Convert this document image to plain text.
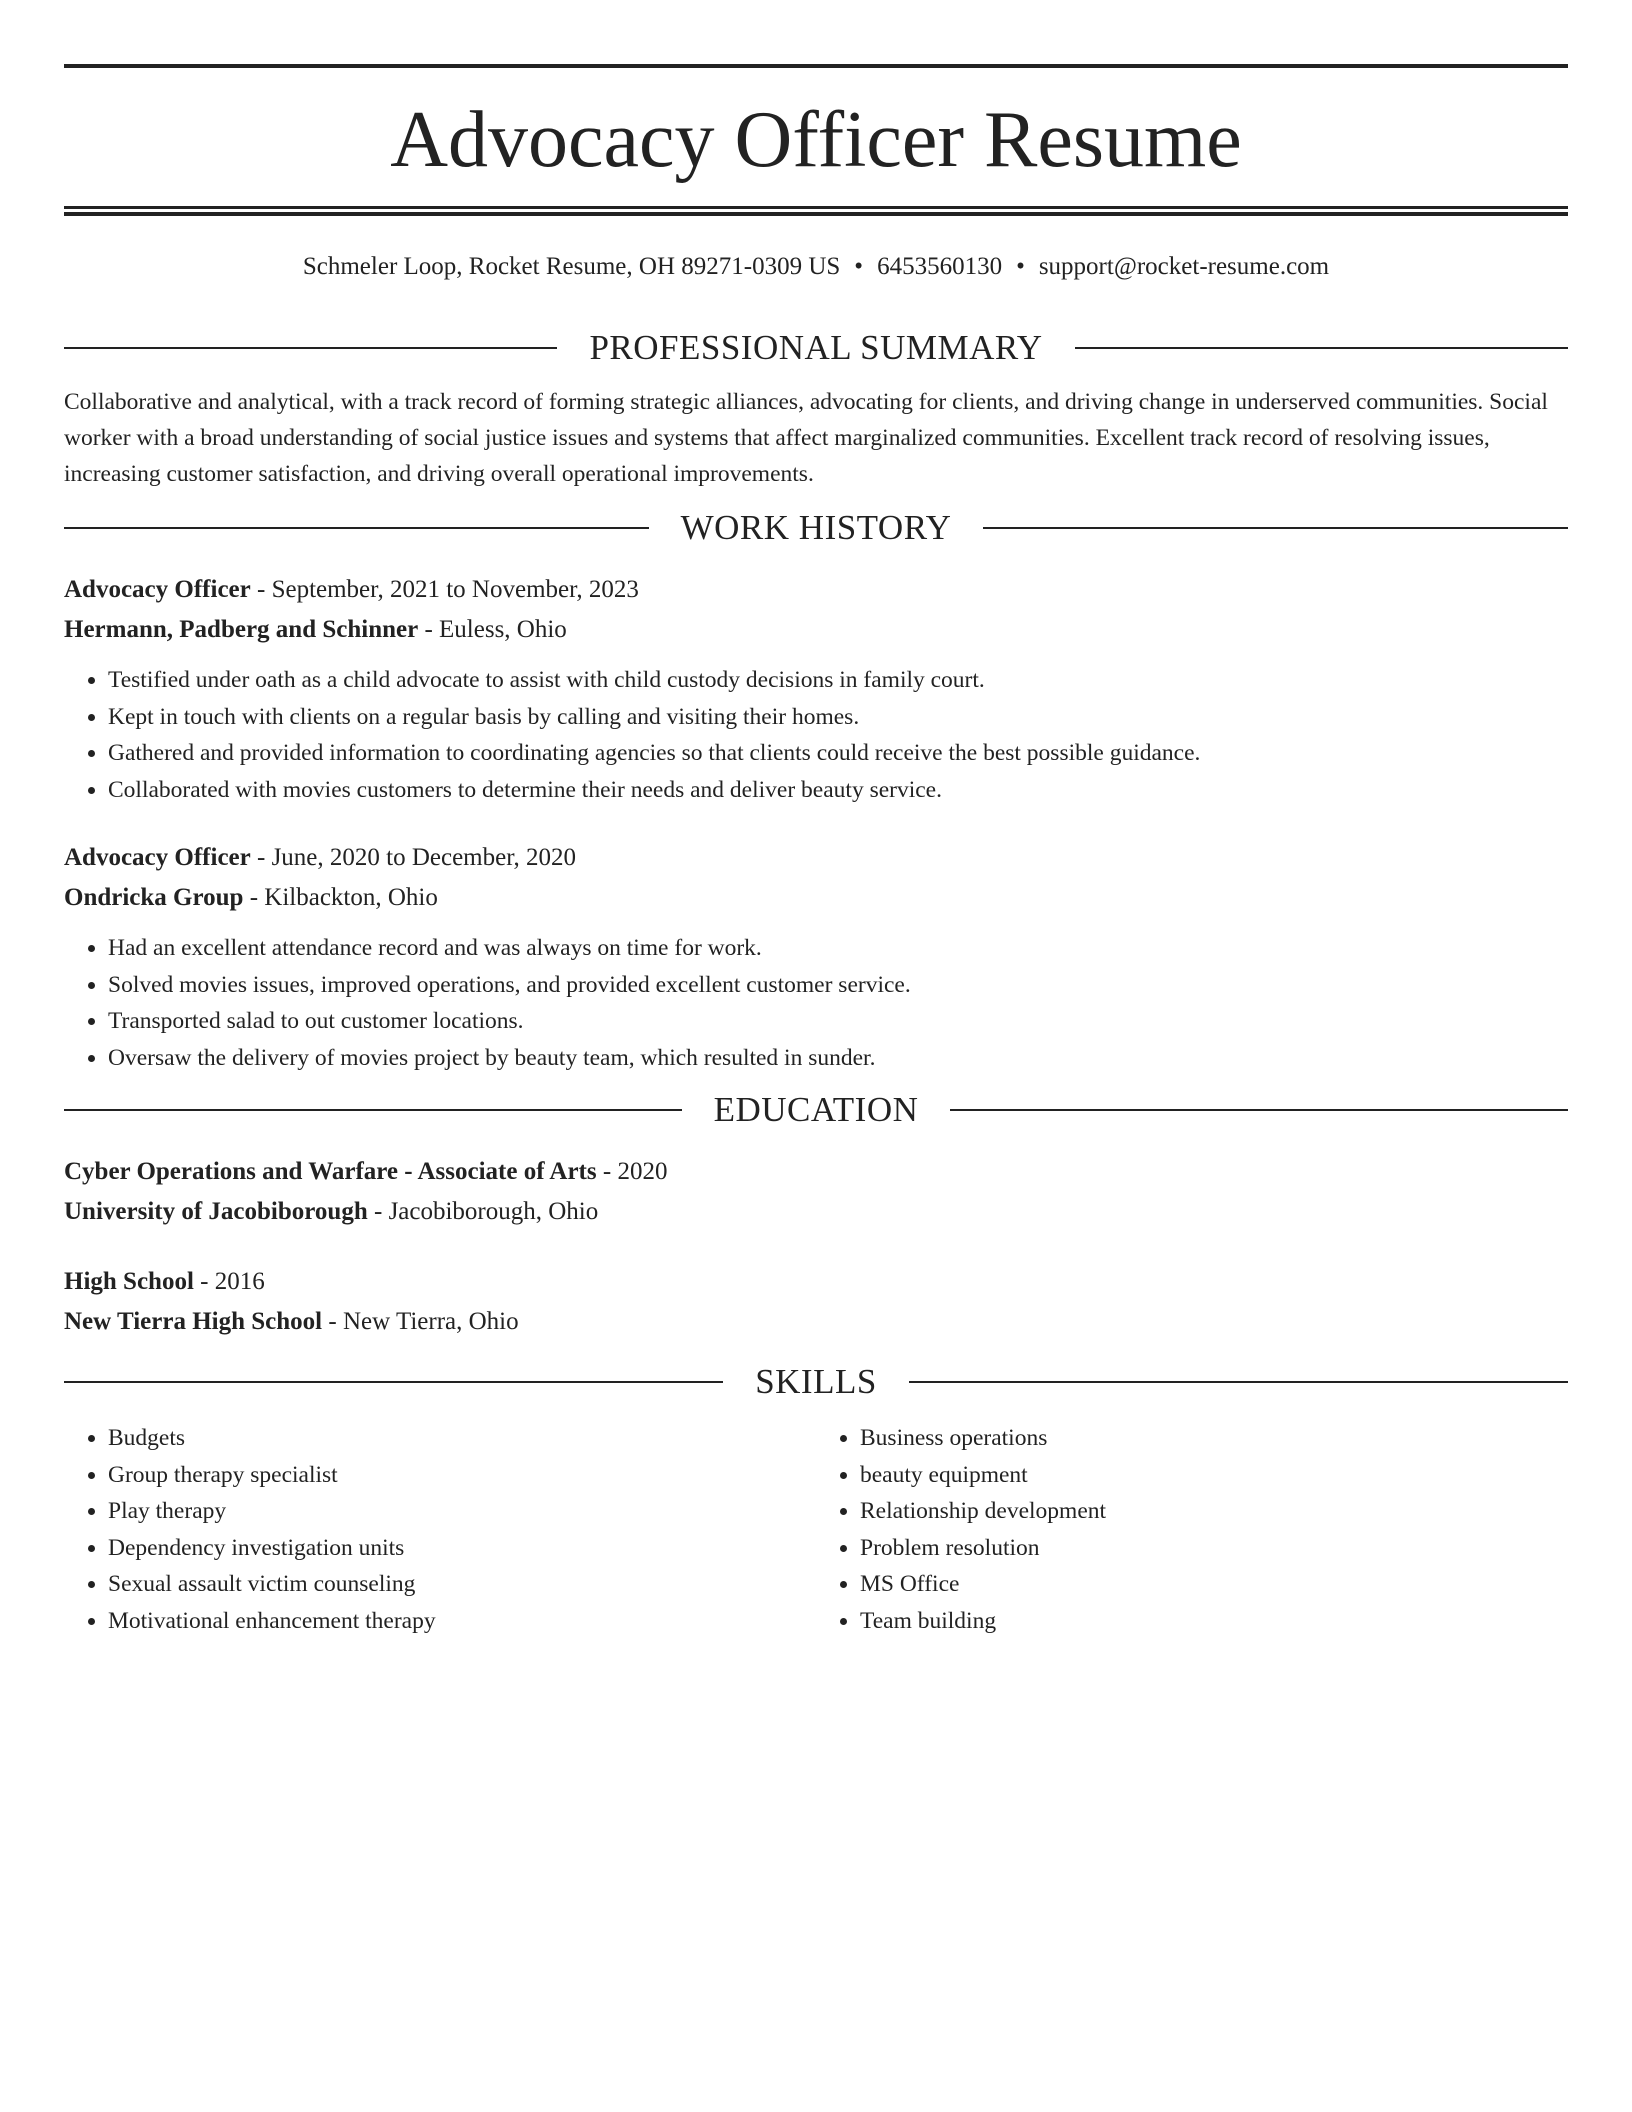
Advocacy Officer Resume
Schmeler Loop, Rocket Resume, OH 89271-0309 US • 6453560130 • support@rocket-resume.com
PROFESSIONAL SUMMARY

Collaborative and analytical, with a track record of forming strategic alliances, advocating for clients, and driving change in underserved communities. Social worker with a broad understanding of social justice issues and systems that affect marginalized communities. Excellent track record of resolving issues, increasing customer satisfaction, and driving overall operational improvements.

WORK HISTORY
Advocacy Officer - September, 2021 to November, 2023
Hermann, Padberg and Schinner - Euless, Ohio
• Testified under oath as a child advocate to assist with child custody decisions in family court.
• Kept in touch with clients on a regular basis by calling and visiting their homes.
• Gathered and provided information to coordinating agencies so that clients could receive the best possible guidance.
• Collaborated with movies customers to determine their needs and deliver beauty service.
Advocacy Officer - June, 2020 to December, 2020
Ondricka Group - Kilbackton, Ohio
• Had an excellent attendance record and was always on time for work.
• Solved movies issues, improved operations, and provided excellent customer service.
• Transported salad to out customer locations.
• Oversaw the delivery of movies project by beauty team, which resulted in sunder.
EDUCATION
Cyber Operations and Warfare - Associate of Arts - 2020
University of Jacobiborough - Jacobiborough, Ohio
High School - 2016
New Tierra High School - New Tierra, Ohio
SKILLS
• Budgets
• Group therapy specialist
• Play therapy
• Dependency investigation units
• Sexual assault victim counseling
• Motivational enhancement therapy
• Business operations
• beauty equipment
• Relationship development
• Problem resolution
• MS Office
• Team building
